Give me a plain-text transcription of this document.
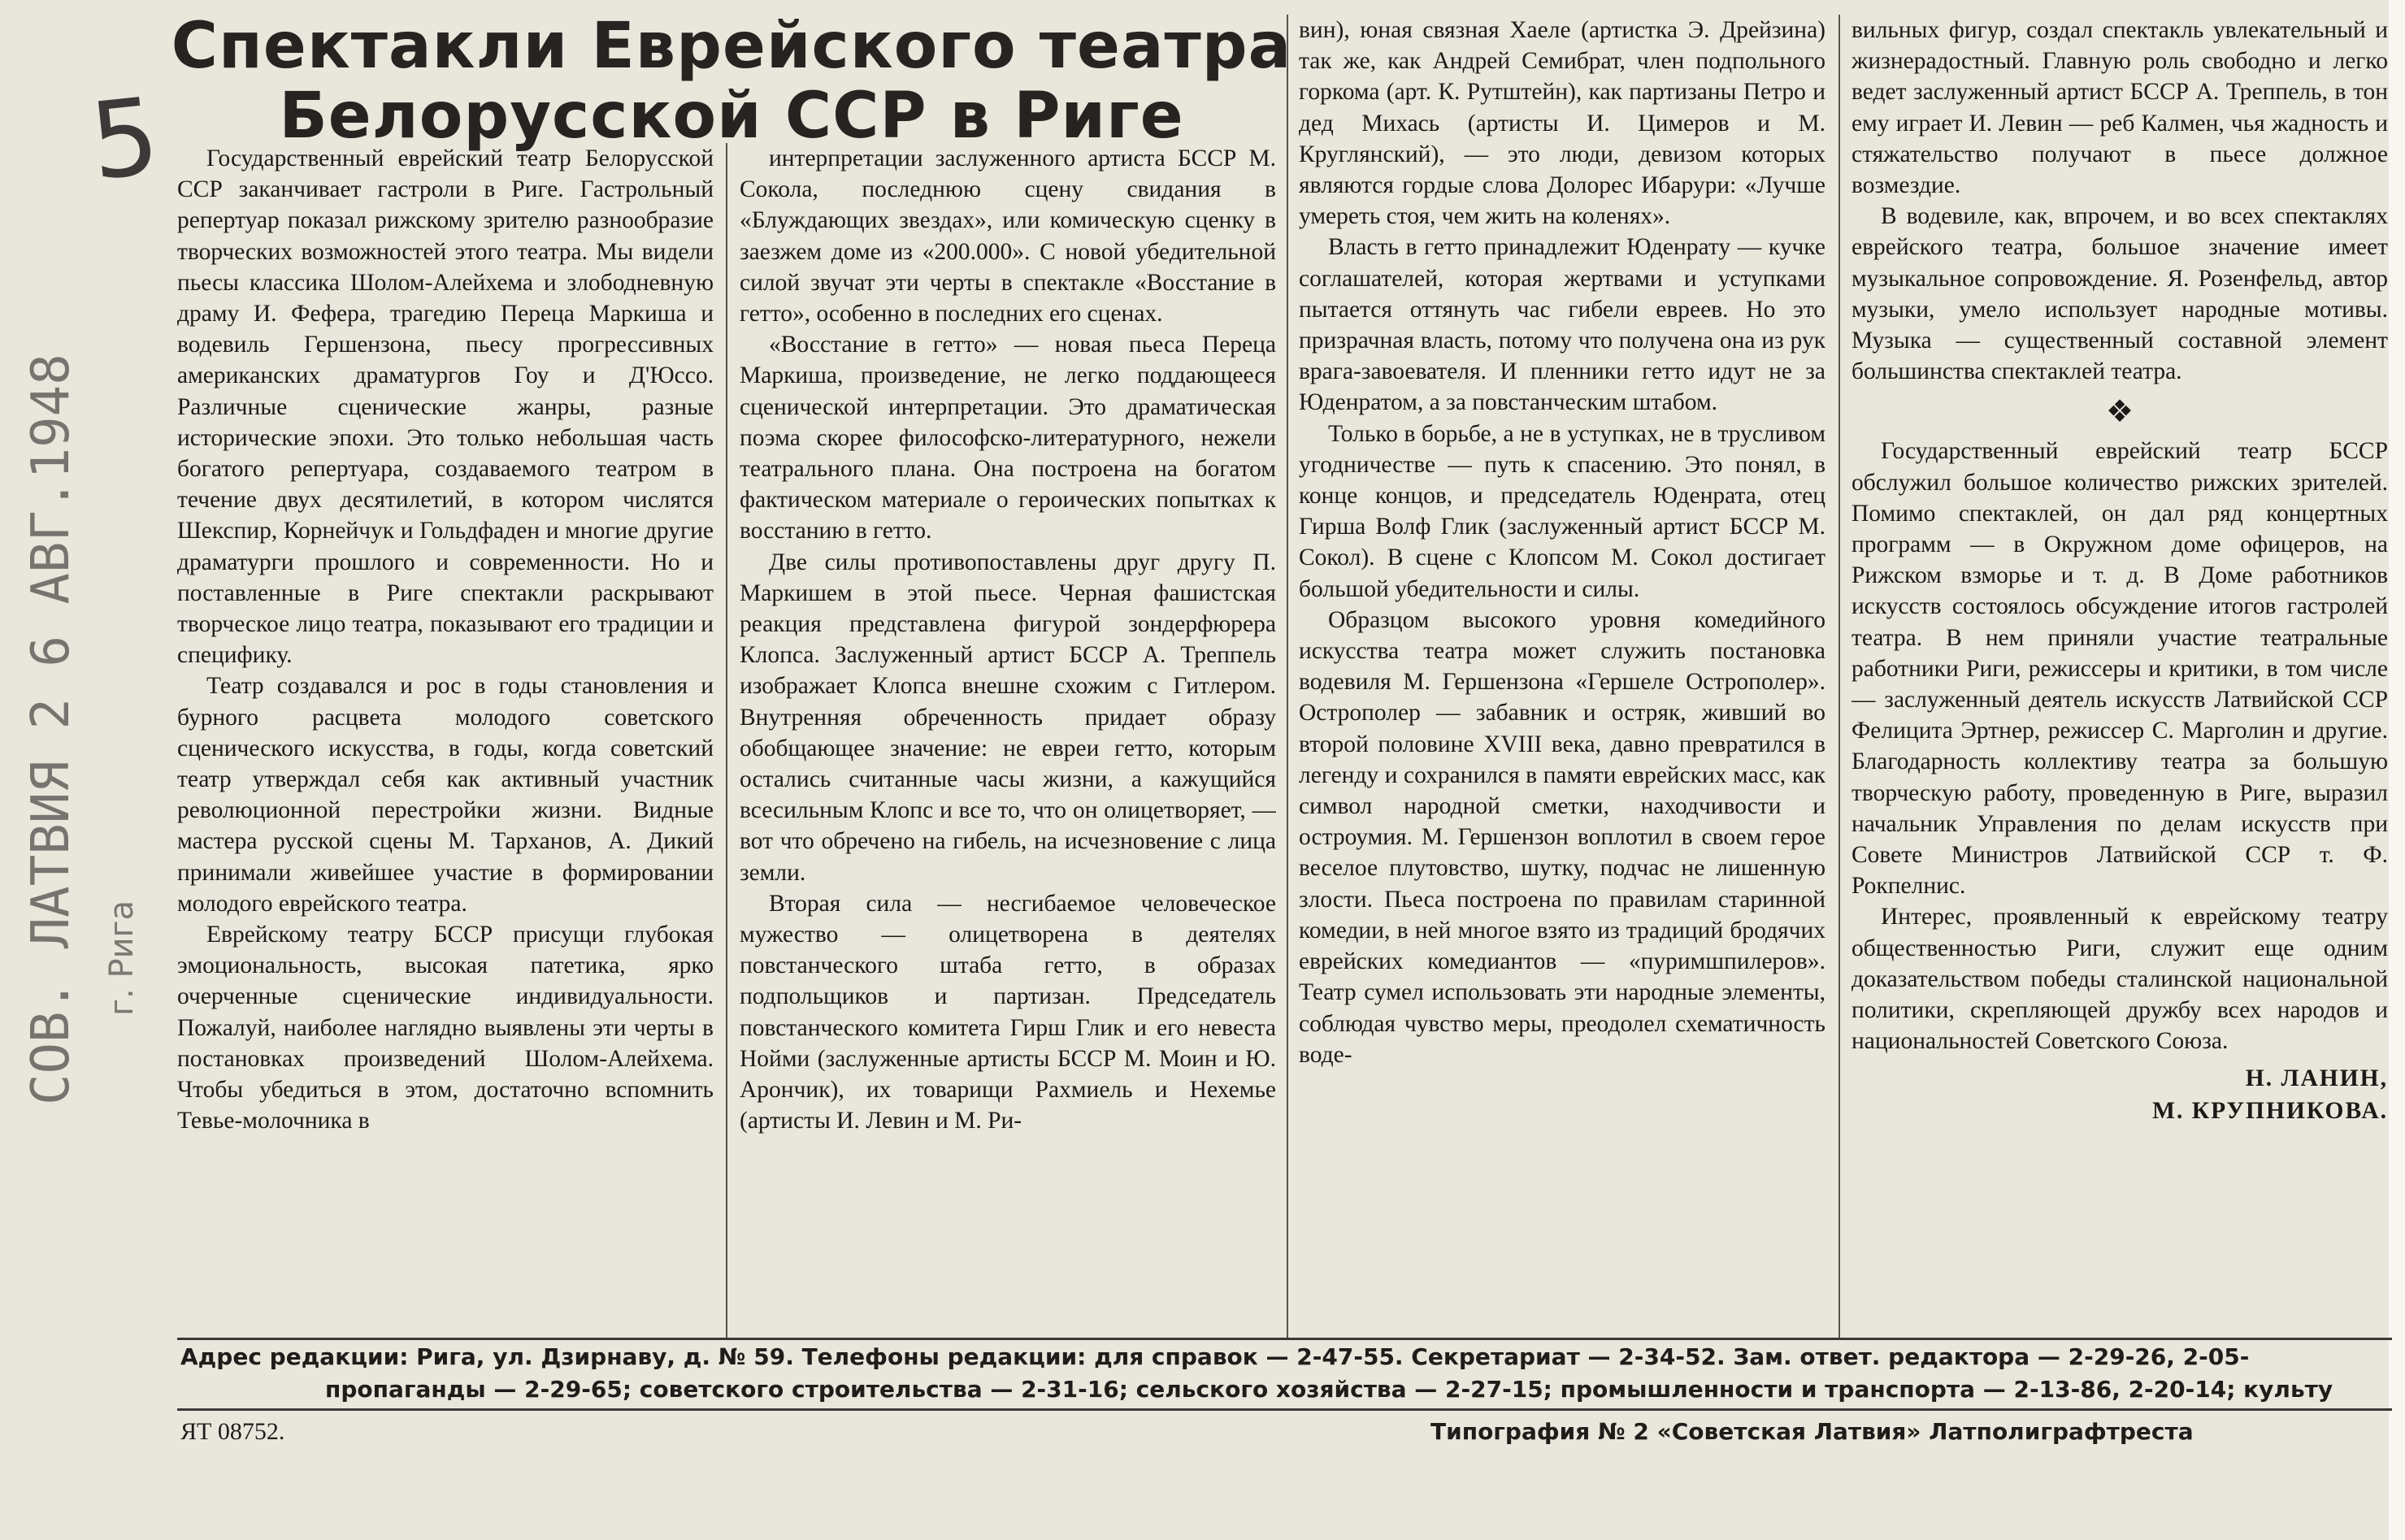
5
СОВ. ЛАТВИЯ 2 6 АВГ.1948 г. Рига
Спектакли Еврейского театра
Белорусской ССР в Риге

Государственный еврейский театр Белорусской ССР заканчивает гастроли в Риге. Гастрольный репертуар показал рижскому зрителю разнообразие творческих возможностей этого театра. Мы видели пьесы классика Шолом-Алейхема и злободневную драму И. Фефера, трагедию Переца Маркиша и водевиль Гершензона, пьесу прогрессивных американских драматургов Гоу и Д'Юссо. Различные сценические жанры, разные исторические эпохи. Это только небольшая часть богатого репертуара, создаваемого театром в течение двух десятилетий, в котором числятся Шекспир, Корнейчук и Гольдфаден и многие другие драматурги прошлого и современности. Но и поставленные в Риге спектакли раскрывают творческое лицо театра, показывают его традиции и специфику.

Театр создавался и рос в годы становления и бурного расцвета молодого советского сценического искусства, в годы, когда советский театр утверждал себя как активный участник революционной перестройки жизни. Видные мастера русской сцены М. Тарханов, А. Дикий принимали живейшее участие в формировании молодого еврейского театра.

Еврейскому театру БССР присущи глубокая эмоциональность, высокая патетика, ярко очерченные сценические индивидуальности. Пожалуй, наиболее наглядно выявлены эти черты в постановках произведений Шолом-Алейхема. Чтобы убедиться в этом, достаточно вспомнить Тевье-молочника в

интерпретации заслуженного артиста БССР М. Сокола, последнюю сцену свидания в «Блуждающих звездах», или комическую сценку в заезжем доме из «200.000». С новой убедительной силой звучат эти черты в спектакле «Восстание в гетто», особенно в последних его сценах.

«Восстание в гетто» — новая пьеса Переца Маркиша, произведение, не легко поддающееся сценической интерпретации. Это драматическая поэма скорее философско-литературного, нежели театрального плана. Она построена на богатом фактическом материале о героических попытках к восстанию в гетто.

Две силы противопоставлены друг другу П. Маркишем в этой пьесе. Черная фашистская реакция представлена фигурой зондерфюрера Клопса. Заслуженный артист БССР А. Треппель изображает Клопса внешне схожим с Гитлером. Внутренняя обреченность придает образу обобщающее значение: не евреи гетто, которым остались считанные часы жизни, а кажущийся всесильным Клопс и все то, что он олицетворяет, — вот что обречено на гибель, на исчезновение с лица земли.

Вторая сила — несгибаемое человеческое мужество — олицетворена в деятелях повстанческого штаба гетто, в образах подпольщиков и партизан. Председатель повстанческого комитета Гирш Глик и его невеста Нойми (заслуженные артисты БССР М. Моин и Ю. Арончик), их товарищи Рахмиель и Нехемье (артисты И. Левин и М. Ри-

вин), юная связная Хаеле (артистка Э. Дрейзина) так же, как Андрей Семибрат, член подпольного горкома (арт. К. Рутштейн), как партизаны Петро и дед Михась (артисты И. Цимеров и М. Круглянский), — это люди, девизом которых являются гордые слова Долорес Ибарури: «Лучше умереть стоя, чем жить на коленях».

Власть в гетто принадлежит Юденрату — кучке соглашателей, которая жертвами и уступками пытается оттянуть час гибели евреев. Но это призрачная власть, потому что получена она из рук врага-завоевателя. И пленники гетто идут не за Юденратом, а за повстанческим штабом.

Только в борьбе, а не в уступках, не в трусливом угодничестве — путь к спасению. Это понял, в конце концов, и председатель Юденрата, отец Гирша Волф Глик (заслуженный артист БССР М. Сокол). В сцене с Клопсом М. Сокол достигает большой убедительности и силы.

Образцом высокого уровня комедийного искусства театра может служить постановка водевиля М. Гершензона «Гершеле Острополер». Острополер — забавник и остряк, живший во второй половине XVIII века, давно превратился в легенду и сохранился в памяти еврейских масс, как символ народной сметки, находчивости и остроумия. М. Гершензон воплотил в своем герое веселое плутовство, шутку, подчас не лишенную злости. Пьеса построена по правилам старинной комедии, в ней многое взято из традиций бродячих еврейских комедиантов — «пуримшпилеров». Театр сумел использовать эти народные элементы, соблюдая чувство меры, преодолел схематичность воде-

вильных фигур, создал спектакль увлекательный и жизнерадостный. Главную роль свободно и легко ведет заслуженный артист БССР А. Треппель, в тон ему играет И. Левин — реб Калмен, чья жадность и стяжательство получают в пьесе должное возмездие.

В водевиле, как, впрочем, и во всех спектаклях еврейского театра, большое значение имеет музыкальное сопровождение. Я. Розенфельд, автор музыки, умело использует народные мотивы. Музыка — существенный составной элемент большинства спектаклей театра.

❖

Государственный еврейский театр БССР обслужил большое количество рижских зрителей. Помимо спектаклей, он дал ряд концертных программ — в Окружном доме офицеров, на Рижском взморье и т. д. В Доме работников искусств состоялось обсуждение итогов гастролей театра. В нем приняли участие театральные работники Риги, режиссеры и критики, в том числе — заслуженный деятель искусств Латвийской ССР Фелицита Эртнер, режиссер С. Марголин и другие. Благодарность коллективу театра за большую творческую работу, проведенную в Риге, выразил начальник Управления по делам искусств при Совете Министров Латвийской ССР т. Ф. Рокпелнис.

Интерес, проявленный к еврейскому театру общественностью Риги, служит еще одним доказательством победы сталинской национальной политики, скрепляющей дружбу всех народов и национальностей Советского Союза.

Н. ЛАНИН,
М. КРУПНИКОВА.
Адрес редакции: Рига, ул. Дзирнаву, д. № 59. Телефоны редакции: для справок — 2-47-55. Секретариат — 2-34-52. Зам. ответ. редактора — 2-29-26, 2-05-
пропаганды — 2-29-65; советского строительства — 2-31-16; сельского хозяйства — 2-27-15; промышленности и транспорта — 2-13-86, 2-20-14; культу
ЯТ 08752.	Типография № 2 «Советская Латвия» Латполиграфтреста
